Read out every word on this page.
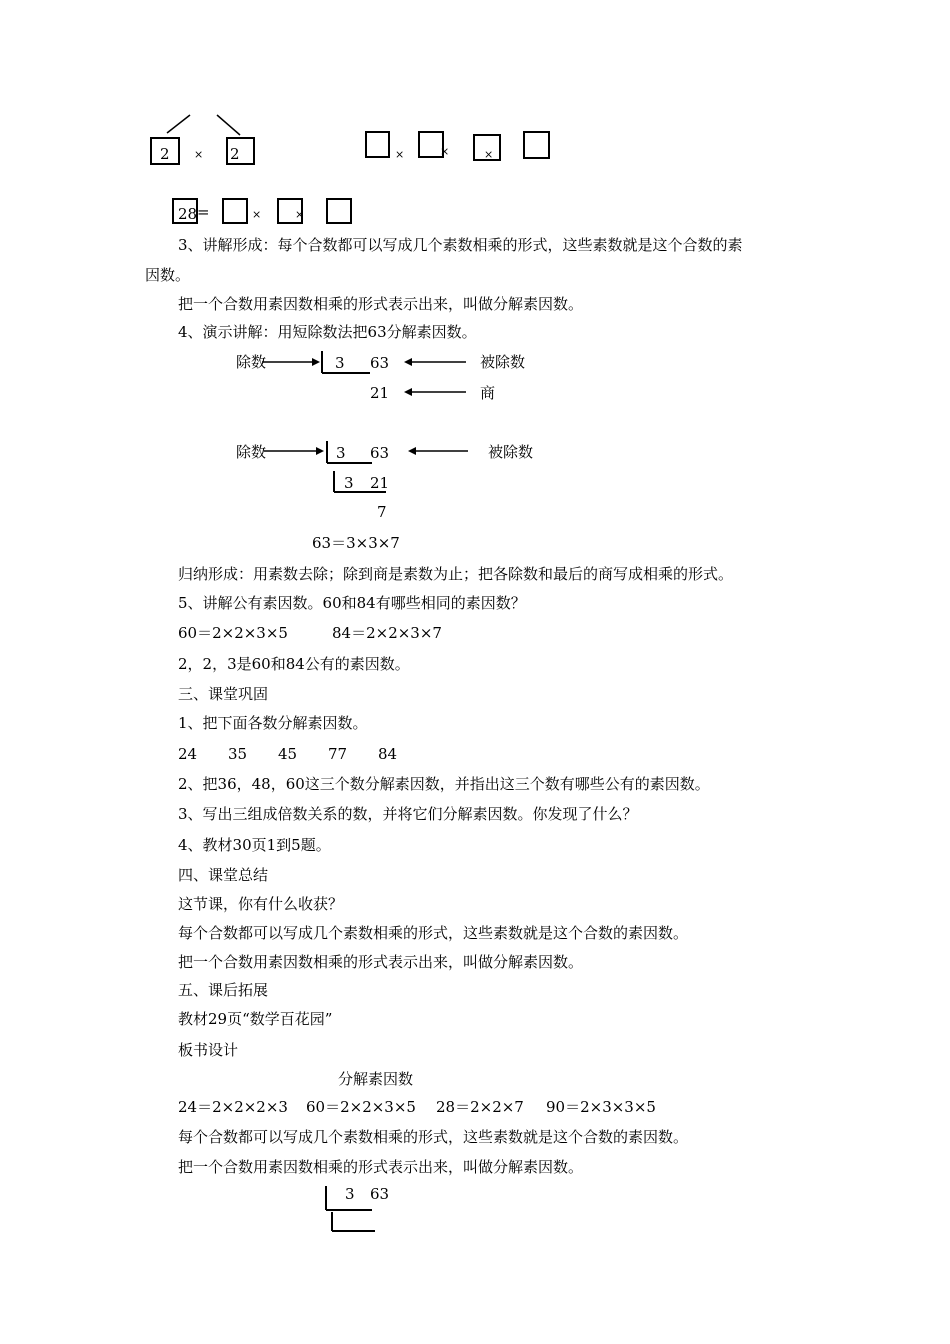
2 × 2	×	×	×
28 =	×	×
3、讲解形成：每个合数都可以写成几个素数相乘的形式，这些素数就是这个合数的素
因数。
把一个合数用素因数相乘的形式表示出来，叫做分解素因数。
4、演示讲解：用短除数法把63分解素因数。
除数	3 63	被除数
21	商
除数	3 63	被除数
3 21
7
63＝3×3×7
归纳形成：用素数去除；除到商是素数为止；把各除数和最后的商写成相乘的形式。
5、讲解公有素因数。60和84有哪些相同的素因数？
60＝2×2×3×5	84＝2×2×3×7
2，2，3是60和84公有的素因数。
三、课堂巩固
1、把下面各数分解素因数。
24 35 45 77 84
2、把36，48，60这三个数分解素因数，并指出这三个数有哪些公有的素因数。
3、写出三组成倍数关系的数，并将它们分解素因数。你发现了什么？
4、教材30页1到5题。
四、课堂总结
这节课，你有什么收获？
每个合数都可以写成几个素数相乘的形式，这些素数就是这个合数的素因数。
把一个合数用素因数相乘的形式表示出来，叫做分解素因数。
五、课后拓展
教材29页“数学百花园”
板书设计
分解素因数
24＝2×2×2×3 60＝2×2×3×5 28＝2×2×7 90＝2×3×3×5
每个合数都可以写成几个素数相乘的形式，这些素数就是这个合数的素因数。
把一个合数用素因数相乘的形式表示出来，叫做分解素因数。
3 63
